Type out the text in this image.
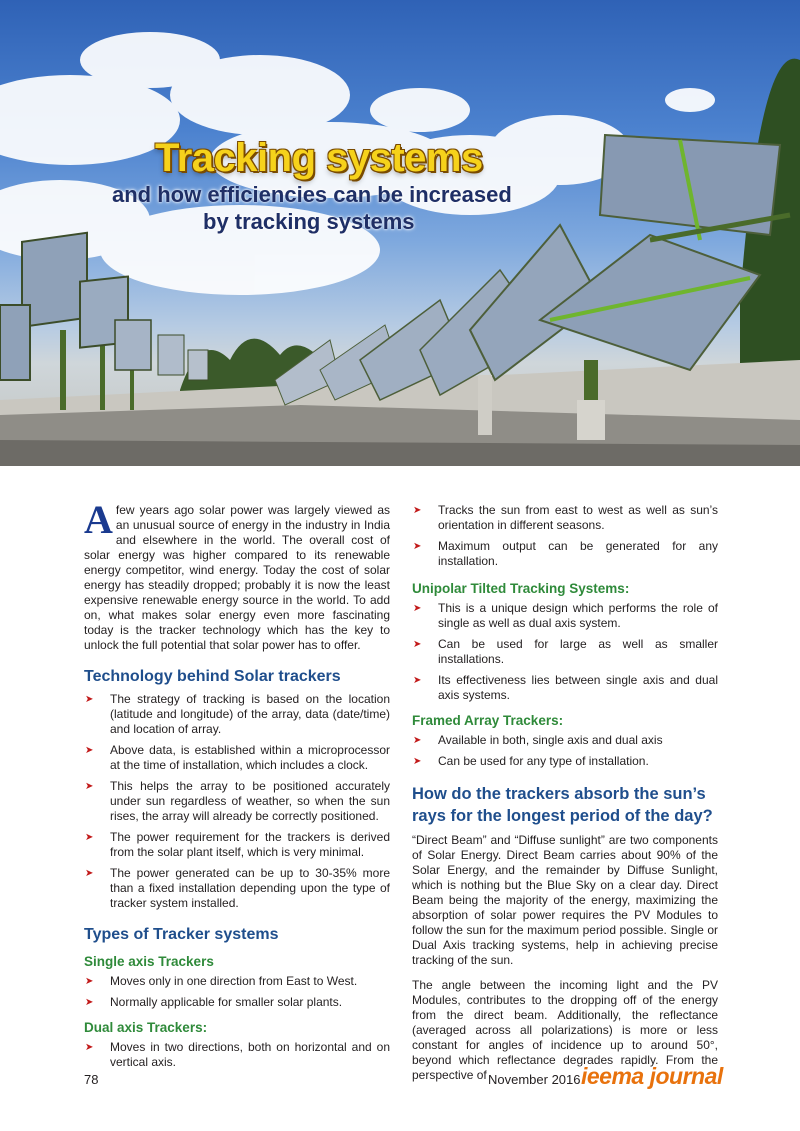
Tracking systems

and how efficiencies can be increased

by tracking systems

Afew years ago solar power was largely viewed as an unusual source of energy in the industry in India and elsewhere in the world. The overall cost of solar energy was higher compared to its renewable energy competitor, wind energy. Today the cost of solar energy has steadily dropped; probably it is now the least expensive renewable energy source in the world. To add on, what makes solar energy even more fascinating today is the tracker technology which has the key to unlock the full potential that solar power has to offer.

Technology behind Solar trackers
➤ The strategy of tracking is based on the location (latitude and longitude) of the array, data (date/time) and location of array.
➤ Above data, is established within a microprocessor at the time of installation, which includes a clock.
➤ This helps the array to be positioned accurately under sun regardless of weather, so when the sun rises, the array will already be correctly positioned.
➤ The power requirement for the trackers is derived from the solar plant itself, which is very minimal.
➤ The power generated can be up to 30-35% more than a fixed installation depending upon the type of tracker system installed.
Types of Tracker systems
Single axis Trackers
➤ Moves only in one direction from East to West.
➤ Normally applicable for smaller solar plants.
Dual axis Trackers:
➤ Moves in two directions, both on horizontal and on vertical axis.
➤ Tracks the sun from east to west as well as sun’s orientation in different seasons.
➤ Maximum output can be generated for any installation.
Unipolar Tilted Tracking Systems:
➤ This is a unique design which performs the role of single as well as dual axis system.
➤ Can be used for large as well as smaller installations.
➤ Its effectiveness lies between single axis and dual axis systems.
Framed Array Trackers:
➤ Available in both, single axis and dual axis
➤ Can be used for any type of installation.
How do the trackers absorb the sun’s rays for the longest period of the day?

“Direct Beam” and “Diffuse sunlight” are two components of Solar Energy. Direct Beam carries about 90% of the Solar Energy, and the remainder by Diffuse Sunlight, which is nothing but the Blue Sky on a clear day. Direct Beam being the majority of the energy, maximizing the absorption of solar power requires the PV Modules to follow the sun for the maximum period possible. Single or Dual Axis tracking systems, help in achieving precise tracking of the sun.

The angle between the incoming light and the PV Modules, contributes to the dropping off of the energy from the direct beam. Additionally, the reflectance (averaged across all polarizations) is more or less constant for angles of incidence up to around 50°, beyond which reflectance degrades rapidly. From the perspective of

78	November 2016 ieema journal
